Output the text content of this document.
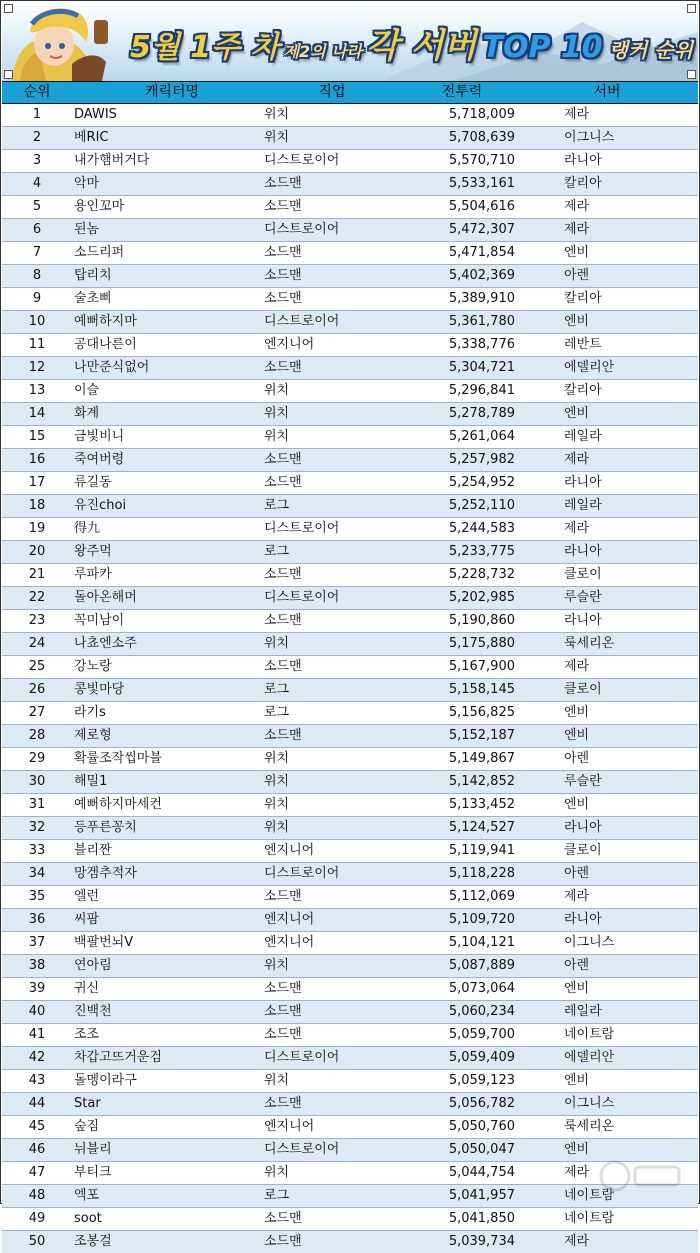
5월 1주 차 제2의 나라 각 서버 TOP 10 랭커 순위
순위	캐릭터명	직업	전투력	서버
1	DAWIS	위치	5,718,009	제라
2	베RIC	위치	5,708,639	이그니스
3	내가햄버거다	디스트로이어	5,570,710	라니아
4	악마	소드맨	5,533,161	칼리아
5	용인꼬마	소드맨	5,504,616	제라
6	된놈	디스트로이어	5,472,307	제라
7	소드리퍼	소드맨	5,471,854	엔비
8	탑리치	소드맨	5,402,369	아렌
9	술초삐	소드맨	5,389,910	칼리아
10	예뻐하지마	디스트로이어	5,361,780	엔비
11	공대나른이	엔지니어	5,338,776	레반트
12	나만준식없어	소드맨	5,304,721	에델리안
13	이슬	위치	5,296,841	칼리아
14	화계	위치	5,278,789	엔비
15	금빛비니	위치	5,261,064	레일라
16	죽여버령	소드맨	5,257,982	제라
17	류길동	소드맨	5,254,952	라니아
18	유진choi	로그	5,252,110	레일라
19	得九	디스트로이어	5,244,583	제라
20	왕주먹	로그	5,233,775	라니아
21	루파카	소드맨	5,228,732	클로이
22	돌아온해머	디스트로이어	5,202,985	루슬란
23	꼭미남이	소드맨	5,190,860	라니아
24	나쵸엔소주	위치	5,175,880	룩세리온
25	강노랑	소드맨	5,167,900	제라
26	콩빛마당	로그	5,158,145	클로이
27	라기s	로그	5,156,825	엔비
28	제로형	소드맨	5,152,187	엔비
29	확률조작씹마블	위치	5,149,867	아렌
30	해밀1	위치	5,142,852	루슬란
31	예뻐하지마세컨	위치	5,133,452	엔비
32	등푸른꽁치	위치	5,124,527	라니아
33	블리짠	엔지니어	5,119,941	클로이
34	망겜추적자	디스트로이어	5,118,228	아렌
35	엘런	소드맨	5,112,069	제라
36	씨팜	엔지니어	5,109,720	라니아
37	백팔번뇌V	엔지니어	5,104,121	이그니스
38	연아림	위치	5,087,889	아렌
39	귀신	소드맨	5,073,064	엔비
40	진백천	소드맨	5,060,234	레일라
41	조조	소드맨	5,059,700	네이트람
42	차갑고뜨거운검	디스트로이어	5,059,409	에델리안
43	돌멩이라구	위치	5,059,123	엔비
44	Star	소드맨	5,056,782	이그니스
45	숲짐	엔지니어	5,050,760	룩세리온
46	뉘블리	디스트로이어	5,050,047	엔비
47	부티크	위치	5,044,754	제라
48	엑포	로그	5,041,957	네이트람
49	soot	소드맨	5,041,850	네이트람
50	조봉걸	소드맨	5,039,734	제라
